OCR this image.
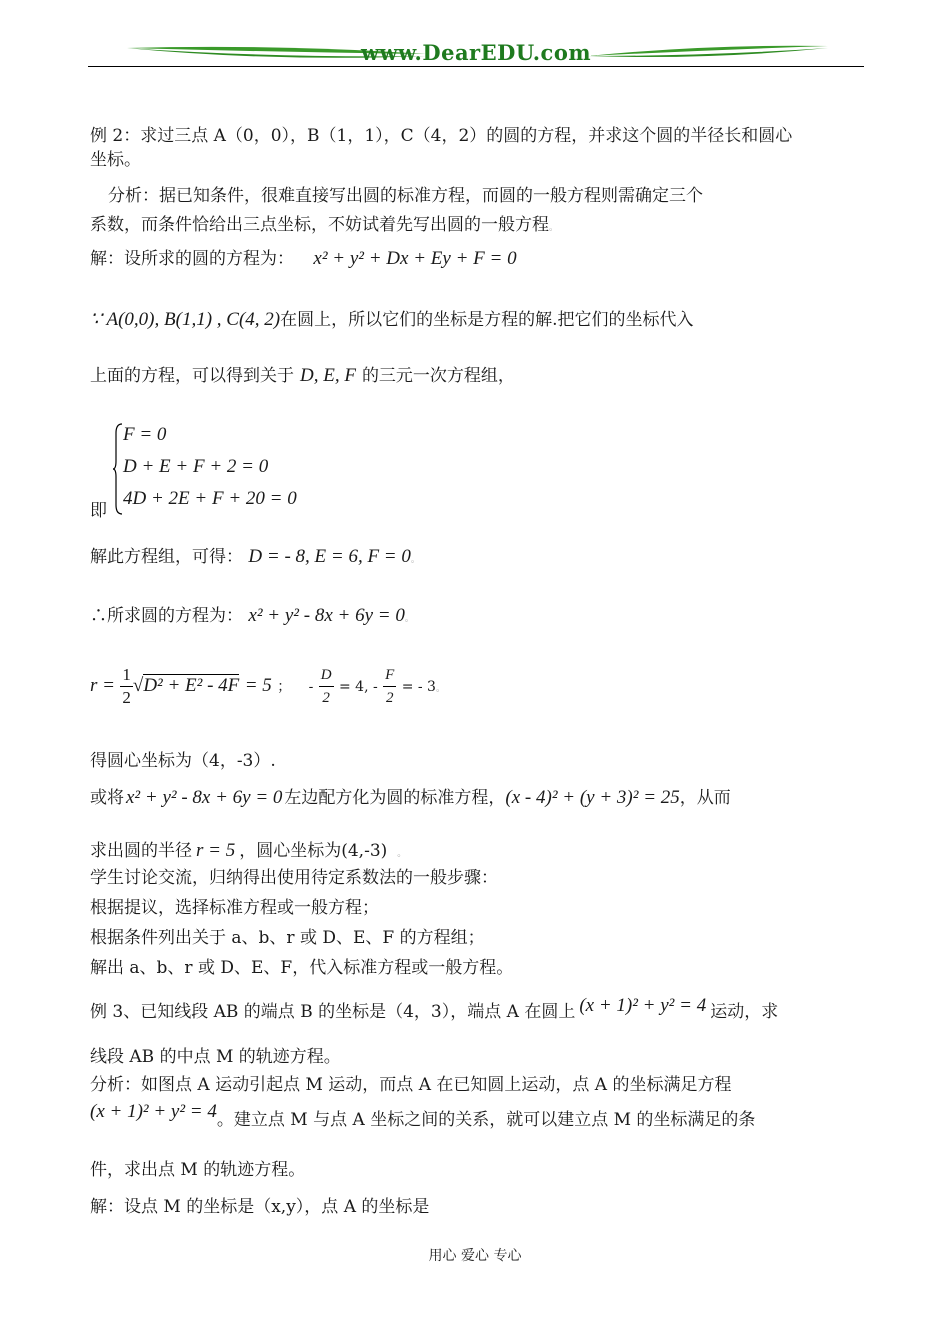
www.DearEDU.com
例 2：求过三点 A（0，0），B（1，1），C（4，2）的圆的方程，并求这个圆的半径长和圆心
坐标。
分析：据已知条件，很难直接写出圆的标准方程，而圆的一般方程则需确定三个
系数，而条件恰给出三点坐标，不妨试着先写出圆的一般方程。
解：设所求的圆的方程为： x² + y² + Dx + Ey + F = 0
∵ A(0,0), B(1,1) , C(4, 2)在圆上，所以它们的坐标是方程的解.把它们的坐标代入
上面的方程，可以得到关于 D, E, F 的三元一次方程组，
F = 0
D + E + F + 2 = 0
4D + 2E + F + 20 = 0
即
解此方程组，可得： D = - 8, E = 6, F = 0。
∴所求圆的方程为： x² + y² - 8x + 6y = 0。
$r = \frac{1}{2} √D^2 + E^2 - 4F = 5$ ； - $\frac{D}{2} = 4$, - $\frac{F}{2}$ = - 3。
得圆心坐标为（4，-3）.
或将 x² + y² - 8x + 6y = 0 左边配方化为圆的标准方程，(x - 4)² + (y + 3)² = 25，从而
求出圆的半径 r = 5 ，圆心坐标为(4,-3) 。
学生讨论交流，归纳得出使用待定系数法的一般步骤：
根据提议，选择标准方程或一般方程；
根据条件列出关于 a、b、r 或 D、E、F 的方程组；
解出 a、b、r 或 D、E、F，代入标准方程或一般方程。
例 3、已知线段 AB 的端点 B 的坐标是（4，3），端点 A 在圆上 (x + 1)² + y² = 4 运动，求
线段 AB 的中点 M 的轨迹方程。
分析：如图点 A 运动引起点 M 运动，而点 A 在已知圆上运动，点 A 的坐标满足方程
(x + 1)² + y² = 4。建立点 M 与点 A 坐标之间的关系，就可以建立点 M 的坐标满足的条
件，求出点 M 的轨迹方程。
解：设点 M 的坐标是（x,y），点 A 的坐标是
用心 爱心 专心
